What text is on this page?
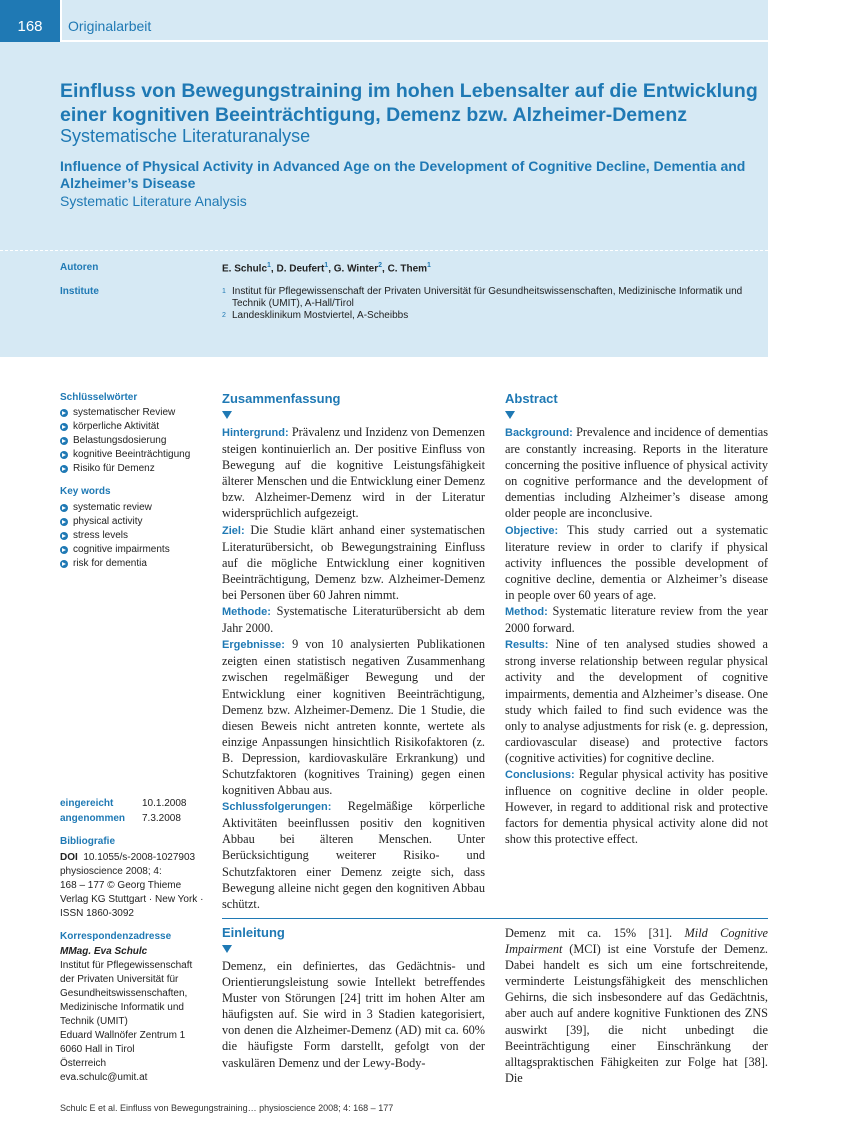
168	Originalarbeit
Einfluss von Bewegungstraining im hohen Lebensalter auf die Entwicklung einer kognitiven Beeinträchtigung, Demenz bzw. Alzheimer-Demenz
Systematische Literaturanalyse
Influence of Physical Activity in Advanced Age on the Development of Cognitive Decline, Dementia and Alzheimer’s Disease
Systematic Literature Analysis
Autoren	E. Schulc$^1$, D. Deufert$^1$, G. Winter$^2$, C. Them$^1$
Institute	1 Institut für Pflegewissenschaft der Privaten Universität für Gesundheitswissenschaften, Medizinische Informatik und Technik (UMIT), A-Hall/Tirol
2 Landesklinikum Mostviertel, A-Scheibbs
Schlüsselwörter
systematischer Review
körperliche Aktivität
Belastungsdosierung
kognitive Beeinträchtigung
Risiko für Demenz
Key words
systematic review
physical activity
stress levels
cognitive impairments
risk for dementia
eingereicht	10.1.2008
angenommen 7.3.2008
Bibliografie
DOI 10.1055/s-2008-1027903
physioscience 2008; 4:
168 – 177 © Georg Thieme
Verlag KG Stuttgart · New York ·
ISSN 1860-3092
Korrespondenzadresse
MMag. Eva Schulc
Institut für Pflegewissenschaft
der Privaten Universität für
Gesundheitswissenschaften,
Medizinische Informatik und
Technik (UMIT)
Eduard Wallnöfer Zentrum 1
6060 Hall in Tirol
Österreich
eva.schulc@umit.at
Zusammenfassung
Hintergrund: Prävalenz und Inzidenz von Demenzen steigen kontinuierlich an. Der positive Einfluss von Bewegung auf die kognitive Leistungsfähigkeit älterer Menschen und die Entwicklung einer Demenz bzw. Alzheimer-Demenz wird in der Literatur widersprüchlich aufgezeigt.
Ziel: Die Studie klärt anhand einer systematischen Literaturübersicht, ob Bewegungstraining Einfluss auf die mögliche Entwicklung einer kognitiven Beeinträchtigung, Demenz bzw. Alzheimer-Demenz bei Personen über 60 Jahren nimmt.
Methode: Systematische Literaturübersicht ab dem Jahr 2000.
Ergebnisse: 9 von 10 analysierten Publikationen zeigten einen statistisch negativen Zusammenhang zwischen regelmäßiger Bewegung und der Entwicklung einer kognitiven Beeinträchtigung, Demenz bzw. Alzheimer-Demenz. Die 1 Studie, die diesen Beweis nicht antreten konnte, wertete als einzige Anpassungen hinsichtlich Risikofaktoren (z. B. Depression, kardiovaskuläre Erkrankung) und Schutzfaktoren (kognitives Training) gegen einen kognitiven Abbau aus.
Schlussfolgerungen: Regelmäßige körperliche Aktivitäten beeinflussen positiv den kognitiven Abbau bei älteren Menschen. Unter Berücksichtigung weiterer Risiko- und Schutzfaktoren einer Demenz zeigte sich, dass Bewegung alleine nicht gegen den kognitiven Abbau schützt.
Abstract
Background: Prevalence and incidence of dementias are constantly increasing. Reports in the literature concerning the positive influence of physical activity on cognitive performance and the development of dementias including Alzheimer’s disease among older people are inconclusive.
Objective: This study carried out a systematic literature review in order to clarify if physical activity influences the possible development of cognitive decline, dementia or Alzheimer’s disease in people over 60 years of age.
Method: Systematic literature review from the year 2000 forward.
Results: Nine of ten analysed studies showed a strong inverse relationship between regular physical activity and the development of cognitive impairments, dementia and Alzheimer’s disease. One study which failed to find such evidence was the only to analyse adjustments for risk (e. g. depression, cardiovascular disease) and protective factors (cognitive activities) for cognitive decline.
Conclusions: Regular physical activity has positive influence on cognitive decline in older people. However, in regard to additional risk and protective factors for dementia physical activity alone did not show this protective effect.
Einleitung
Demenz, ein definiertes, das Gedächtnis- und Orientierungsleistung sowie Intellekt betreffendes Muster von Störungen [24] tritt im hohen Alter am häufigsten auf. Sie wird in 3 Stadien kategorisiert, von denen die Alzheimer-Demenz (AD) mit ca. 60% die häufigste Form darstellt, gefolgt von der vaskulären Demenz und der Lewy-Body-
Demenz mit ca. 15% [31]. Mild Cognitive Impairment (MCI) ist eine Vorstufe der Demenz. Dabei handelt es sich um eine fortschreitende, verminderte Leistungsfähigkeit des menschlichen Gehirns, die sich insbesondere auf das Gedächtnis, aber auch auf andere kognitive Funktionen des ZNS auswirkt [39], die nicht unbedingt die Beeinträchtigung einer Einschränkung der alltagspraktischen Fähigkeiten zur Folge hat [38]. Die
Schulc E et al. Einfluss von Bewegungstraining… physioscience 2008; 4: 168 – 177
